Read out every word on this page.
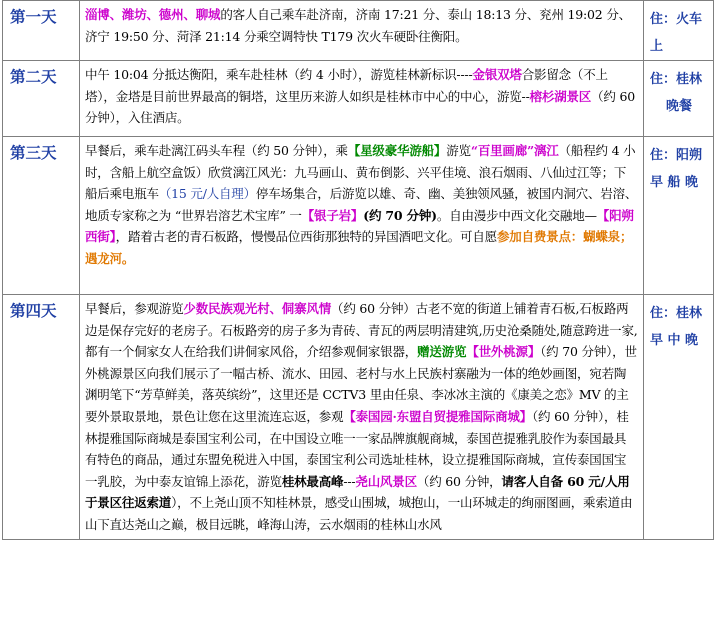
第一天	淄博、潍坊、德州、聊城的客人自己乘车赴济南，济南 17:21 分、泰山 18:13 分、兖州 19:02 分、济宁 19:50 分、菏泽 21:14 分乘空调特快 T179 次火车硬卧往衡阳。	住：火车上

第二天	中午 10:04 分抵达衡阳，乘车赴桂林（约 4 小时），游览桂林新标识----金银双塔合影留念（不上塔），金塔是目前世界最高的铜塔，这里历来游人如织是桂林市中心的中心，游览--榕杉湖景区（约 60 分钟），入住酒店。	住：桂林
晚餐

第三天	早餐后，乘车赴漓江码头车程（约 50 分钟），乘【星级豪华游船】游览“百里画廊”漓江（船程约 4 小时，含船上航空盒饭）欣赏漓江风光：九马画山、黄布倒影、兴平佳境、浪石烟雨、八仙过江等；下船后乘电瓶车（15 元/人自理）停车场集合，后游览以雄、奇、幽、美独领风骚，被国内洞穴、岩溶、地质专家称之为 “世界岩溶艺术宝库” 一【银子岩】(约 70 分钟)。自由漫步中西文化交融地—【阳朔西街】，踏着古老的青石板路，慢慢品位西街那独特的异国酒吧文化。可自愿参加自费景点：蝴蝶泉；遇龙河。	住：阳朔
早 船 晚

第四天	早餐后，参观游览少数民族观光村、侗寨风情（约 60 分钟）古老不宽的街道上铺着青石板,石板路两边是保存完好的老房子。石板路旁的房子多为青砖、青瓦的两层明清建筑,历史沧桑随处,随意跨进一家,都有一个侗家女人在给我们讲侗家风俗，介绍参观侗家银器，赠送游览【世外桃源】（约 70 分钟），世外桃源景区向我们展示了一幅古桥、流水、田园、老村与水上民族村寨融为一体的绝妙画图，宛若陶渊明笔下“芳草鲜美，落英缤纷”，这里还是 CCTV3 里由任泉、李冰冰主演的《康美之恋》MV 的主要外景取景地，景色让您在这里流连忘返，参观【泰国园·东盟自贸提雅国际商城】（约 60 分钟），桂林提雅国际商城是泰国宝利公司，在中国设立唯一一家品牌旗舰商城，泰国芭提雅乳胶作为泰国最具有特色的商品，通过东盟免税进入中国，泰国宝利公司选址桂林，设立提雅国际商城，宣传泰国国宝一乳胶，为中泰友谊锦上添花，游览桂林最高峰---尧山风景区（约 60 分钟，请客人自备 60 元/人用于景区往返索道），不上尧山顶不知桂林景，感受山围城，城抱山，一山环城走的绚丽图画，乘索道由山下直达尧山之巅，极目远眺，峰海山涛，云水烟雨的桂林山水风	住：桂林
早 中 晚
